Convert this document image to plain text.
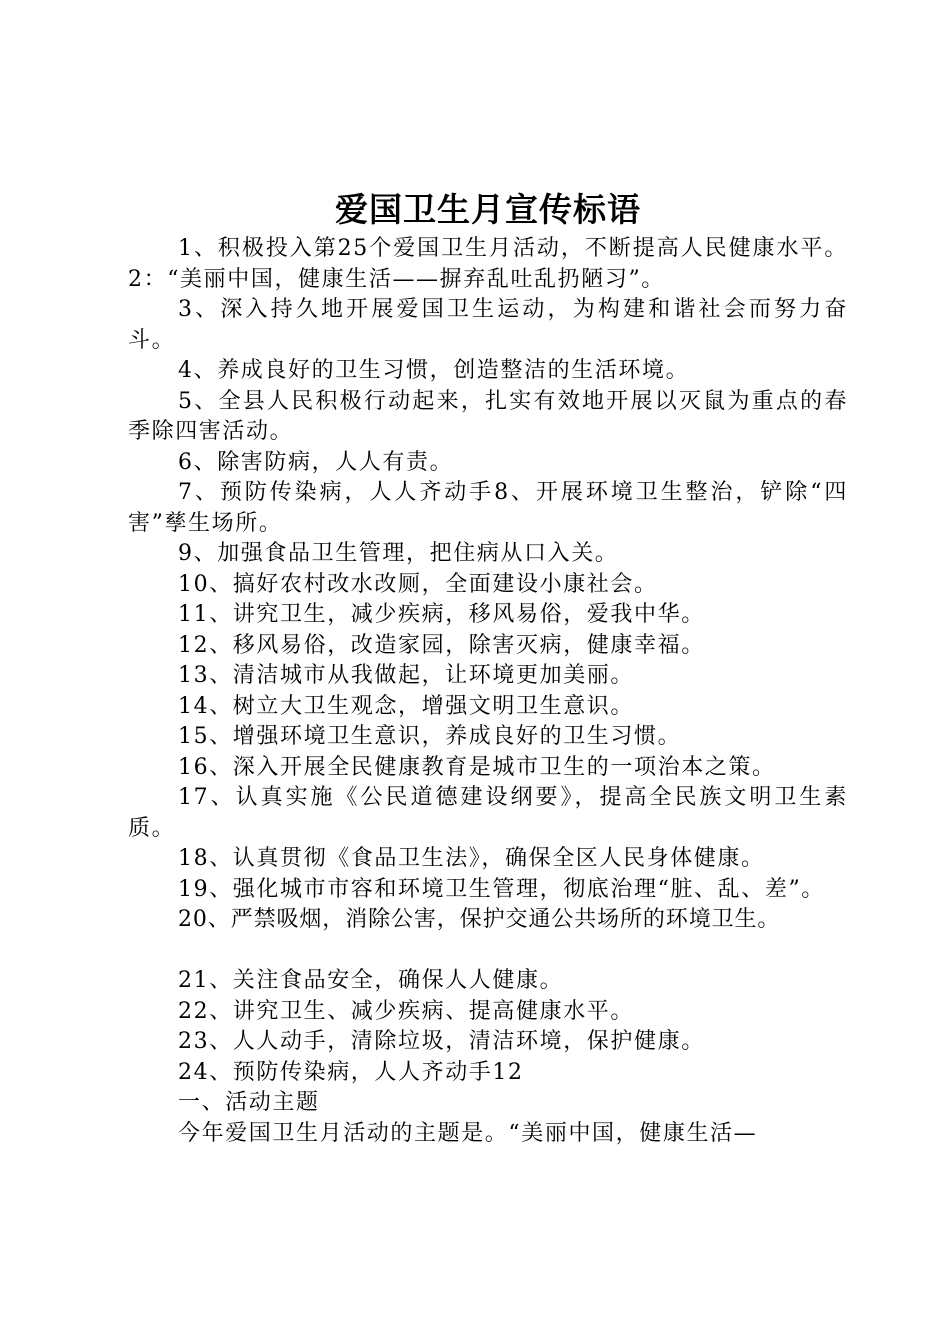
爱国卫生月宣传标语

1、积极投入第25个爱国卫生月活动，不断提高人民健康水平。2：“美丽中国，健康生活——摒弃乱吐乱扔陋习”。

3、深入持久地开展爱国卫生运动，为构建和谐社会而努力奋斗。

4、养成良好的卫生习惯，创造整洁的生活环境。

5、全县人民积极行动起来，扎实有效地开展以灭鼠为重点的春季除四害活动。

6、除害防病，人人有责。

7、预防传染病，人人齐动手8、开展环境卫生整治，铲除“四害”孳生场所。

9、加强食品卫生管理，把住病从口入关。

10、搞好农村改水改厕，全面建设小康社会。

11、讲究卫生，减少疾病，移风易俗，爱我中华。

12、移风易俗，改造家园，除害灭病，健康幸福。

13、清洁城市从我做起，让环境更加美丽。

14、树立大卫生观念，增强文明卫生意识。

15、增强环境卫生意识，养成良好的卫生习惯。

16、深入开展全民健康教育是城市卫生的一项治本之策。

17、认真实施《公民道德建设纲要》，提高全民族文明卫生素质。

18、认真贯彻《食品卫生法》，确保全区人民身体健康。

19、强化城市市容和环境卫生管理，彻底治理“脏、乱、差”。

20、严禁吸烟，消除公害，保护交通公共场所的环境卫生。

21、关注食品安全，确保人人健康。

22、讲究卫生、减少疾病、提高健康水平。

23、人人动手，清除垃圾，清洁环境，保护健康。

24、预防传染病，人人齐动手12

一、活动主题

今年爱国卫生月活动的主题是。“美丽中国，健康生活—
